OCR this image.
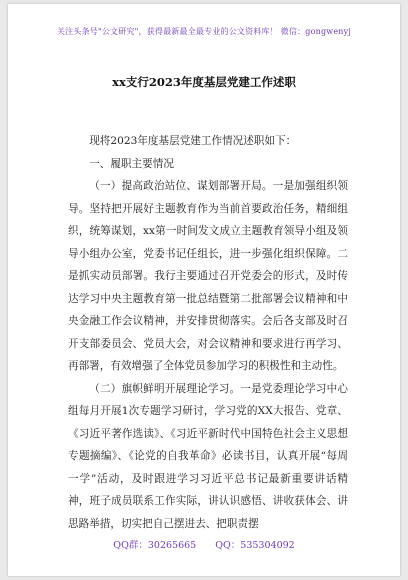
关注头条号"公文研究"，获得最新最全最专业的公文资料库！ 微信：gongwenyj
xx支行2023年度基层党建工作述职

现将2023年度基层党建工作情况述职如下：

一、履职主要情况

（一）提高政治站位、谋划部署开局。一是加强组织领导。坚持把开展好主题教育作为当前首要政治任务，精细组织，统筹谋划，xx第一时间发文成立主题教育领导小组及领导小组办公室，党委书记任组长，进一步强化组织保障。二是抓实动员部署。我行主要通过召开党委会的形式，及时传达学习中央主题教育第一批总结暨第二批部署会议精神和中央金融工作会议精神，并安排贯彻落实。会后各支部及时召开支部委员会、党员大会，对会议精神和要求进行再学习、再部署，有效增强了全体党员参加学习的积极性和主动性。

（二）旗帜鲜明开展理论学习。一是党委理论学习中心组每月开展1次专题学习研讨，学习党的XX大报告、党章、《习近平著作选读》、《习近平新时代中国特色社会主义思想专题摘编》、《论党的自我革命》必读书目，认真开展“每周一学”活动，及时跟进学习习近平总书记最新重要讲话精神，班子成员联系工作实际，讲认识感悟、讲收获体会、讲思路举措，切实把自己摆进去、把职责摆

QQ群：30265665　　QQ：535304092
